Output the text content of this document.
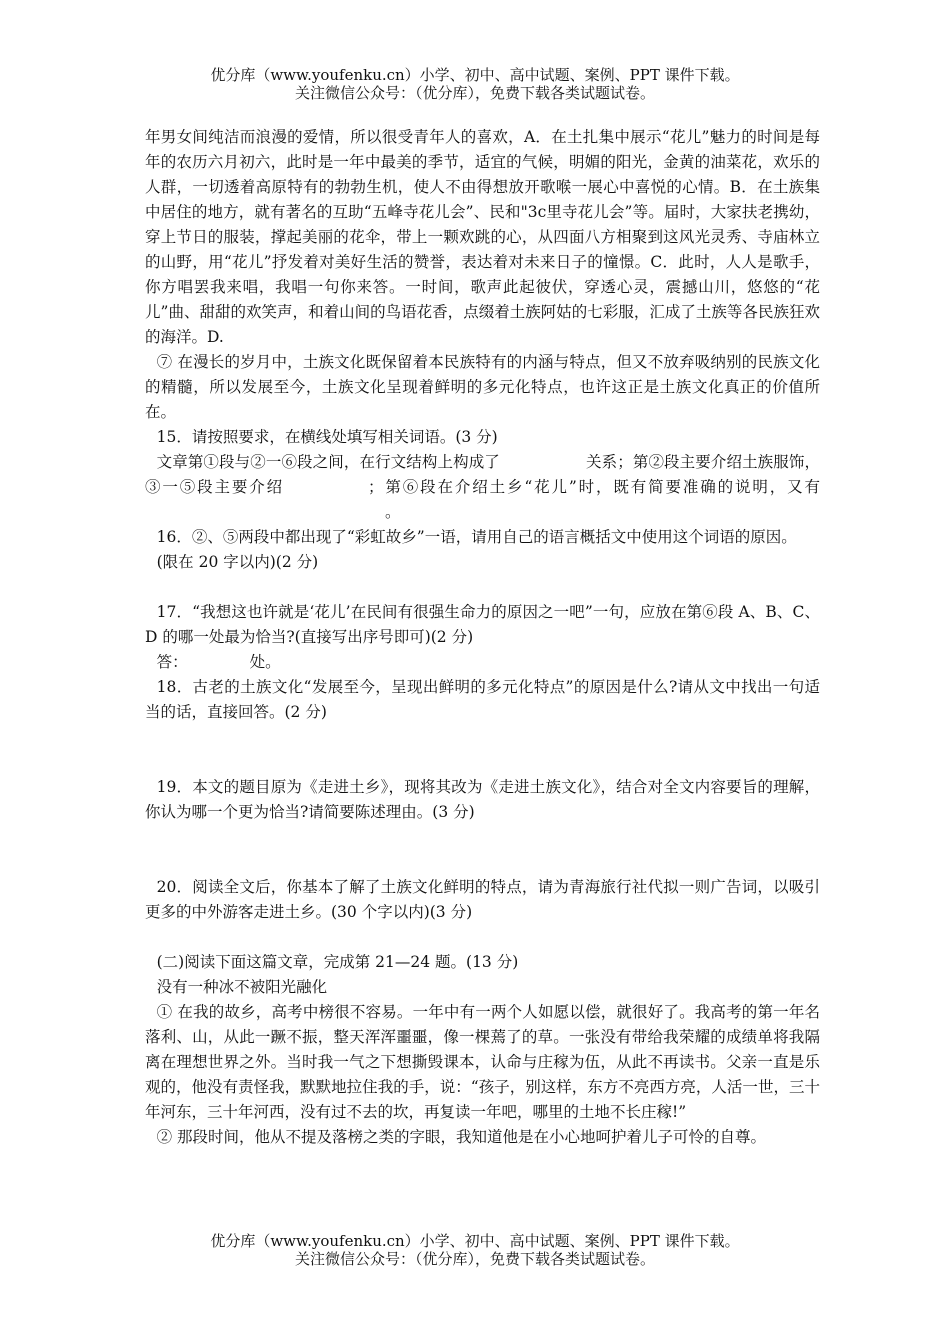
优分库（www.youfenku.cn）小学、初中、高中试题、案例、PPT 课件下载。
关注微信公众号：（优分库），免费下载各类试题试卷。

年男女间纯洁而浪漫的爱情，所以很受青年人的喜欢，A．在土扎集中展示“花儿”魅力的时间是每年的农历六月初六，此时是一年中最美的季节，适宜的气候，明媚的阳光，金黄的油菜花，欢乐的人群，一切透着高原特有的勃勃生机，使人不由得想放开歌喉一展心中喜悦的心情。B．在土族集中居住的地方，就有著名的互助“五峰寺花儿会”、民和"3c里寺花儿会”等。届时，大家扶老携幼，穿上节日的服装，撑起美丽的花伞，带上一颗欢跳的心，从四面八方相聚到这风光灵秀、寺庙林立的山野，用“花儿”抒发着对美好生活的赞誉，表达着对未来日子的憧憬。C．此时，人人是歌手，你方唱罢我来唱，我唱一句你来答。一时间，歌声此起彼伏，穿透心灵，震撼山川，悠悠的“花儿”曲、甜甜的欢笑声，和着山间的鸟语花香，点缀着土族阿姑的七彩服，汇成了土族等各民族狂欢的海洋。D.

⑦ 在漫长的岁月中，土族文化既保留着本民族特有的内涵与特点，但又不放弃吸纳别的民族文化的精髓，所以发展至今，土族文化呈现着鲜明的多元化特点，也许这正是土族文化真正的价值所在。

15．请按照要求，在横线处填写相关词语。(3 分)

文章第①段与②一⑥段之间，在行文结构上构成了	关系；第②段主要介绍土族服饰，③一⑤段主要介绍	；第⑥段在介绍土乡“花儿”时，既有简要准确的说明，又有。

16．②、⑤两段中都出现了“彩虹故乡”一语，请用自己的语言概括文中使用这个词语的原因。

(限在 20 字以内)(2 分)

17．“我想这也许就是‘花儿’在民间有很强生命力的原因之一吧”一句，应放在第⑥段 A、B、C、D 的哪一处最为恰当?(直接写出序号即可)(2 分)

答：	处。

18．古老的土族文化“发展至今，呈现出鲜明的多元化特点”的原因是什么?请从文中找出一句适当的话，直接回答。(2 分)

19．本文的题目原为《走进土乡》，现将其改为《走进土族文化》，结合对全文内容要旨的理解，你认为哪一个更为恰当?请简要陈述理由。(3 分)

20．阅读全文后，你基本了解了土族文化鲜明的特点，请为青海旅行社代拟一则广告词，以吸引更多的中外游客走进土乡。(30 个字以内)(3 分)

(二)阅读下面这篇文章，完成第 21—24 题。(13 分)

没有一种冰不被阳光融化

① 在我的故乡，高考中榜很不容易。一年中有一两个人如愿以偿，就很好了。我高考的第一年名落利、山，从此一蹶不振，整天浑浑噩噩，像一棵蔫了的草。一张没有带给我荣耀的成绩单将我隔离在理想世界之外。当时我一气之下想撕毁课本，认命与庄稼为伍，从此不再读书。父亲一直是乐观的，他没有责怪我，默默地拉住我的手，说：“孩子，别这样，东方不亮西方亮，人活一世，三十年河东，三十年河西，没有过不去的坎，再复读一年吧，哪里的土地不长庄稼!”

② 那段时间，他从不提及落榜之类的字眼，我知道他是在小心地呵护着儿子可怜的自尊。

优分库（www.youfenku.cn）小学、初中、高中试题、案例、PPT 课件下载。
关注微信公众号：（优分库），免费下载各类试题试卷。
